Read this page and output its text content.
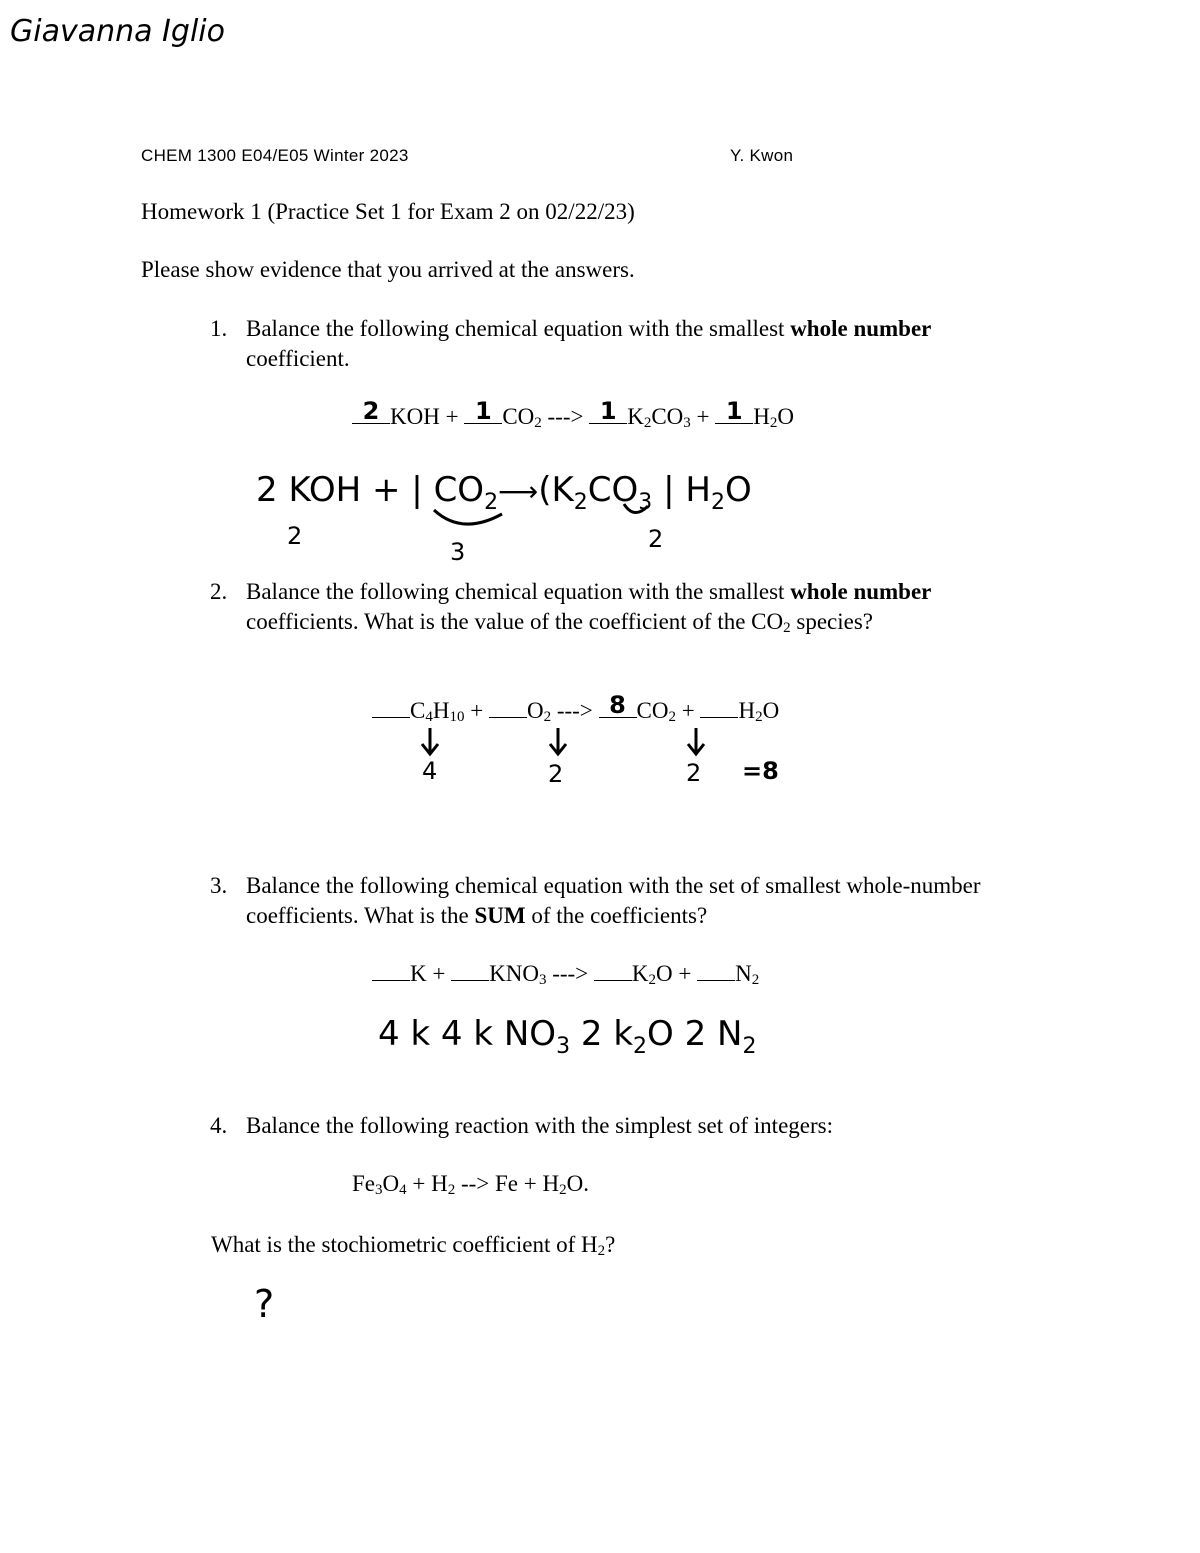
Giavanna Iglio
CHEM 1300 E04/E05 Winter 2023	Y. Kwon
Homework 1 (Practice Set 1 for Exam 2 on 02/22/23)
Please show evidence that you arrived at the answers.
1. Balance the following chemical equation with the smallest whole number coefficient.
2 KOH + 1 $CO_2$ ---> 1 $K_2CO_3 + 1$ $H_2O$
2 KOH + | $CO_2⟶(K_2CO_3$ | $H_2O$
2
3	2
2. Balance the following chemical equation with the smallest whole number coefficients. What is the value of the coefficient of the $CO_2$ species?
$C_4H_{10}$ +
$O_2$ ---> 8 $CO_2$ +
$H_2O$
4	2	2 =8
3. Balance the following chemical equation with the set of smallest whole-number coefficients. What is the SUM of the coefficients?
$K + KNO_3$ ---> $K_2O + N_2$
4 k 4 k $NO_3$ 2 $k_2O$ 2 $N_2$
4. Balance the following reaction with the simplest set of integers:
$Fe_3O_4 + H_2$ --> $Fe + H_2O$.
What is the stochiometric coefficient of $H_2$?
?
